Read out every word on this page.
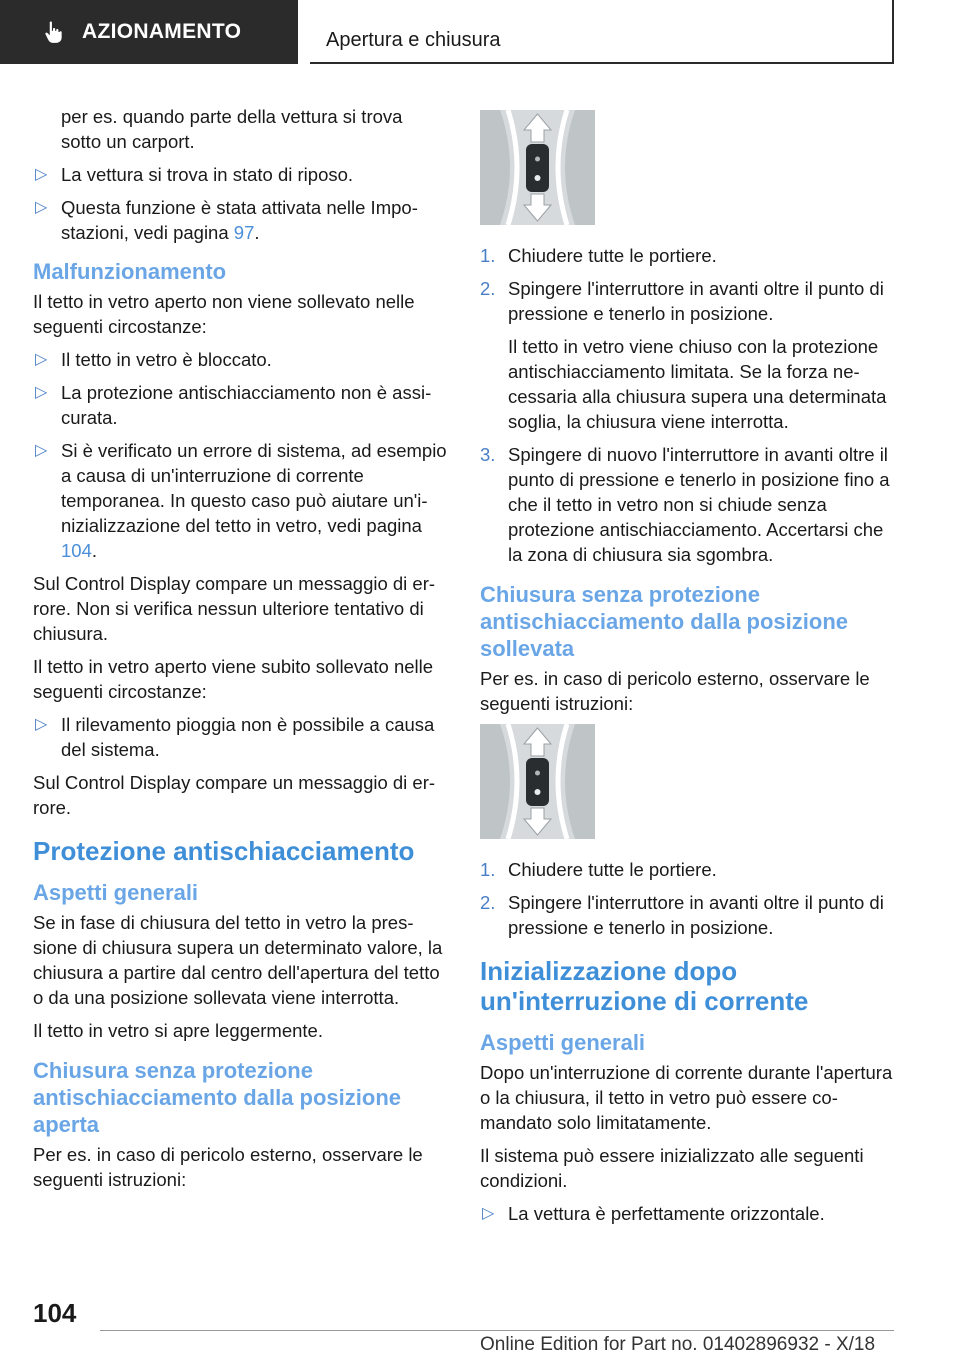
AZIONAMENTO	Apertura e chiusura

per es. quando parte della vettura si trova sotto un carport.

▷ La vettura si trova in stato di riposo.
▷ Questa funzione è stata attivata nelle Impostazioni, vedi pagina 97.
Malfunzionamento

Il tetto in vetro aperto non viene sollevato nelle seguenti circostanze:

▷ Il tetto in vetro è bloccato.
▷ La protezione antischiacciamento non è assicurata.
▷ Si è verificato un errore di sistema, ad esempio a causa di un'interruzione di corrente temporanea. In questo caso può aiutare un'inizializzazione del tetto in vetro, vedi pagina 104.

Sul Control Display compare un messaggio di errore. Non si verifica nessun ulteriore tentativo di chiusura.

Il tetto in vetro aperto viene subito sollevato nelle seguenti circostanze:

▷ Il rilevamento pioggia non è possibile a causa del sistema.

Sul Control Display compare un messaggio di errore.

Protezione antischiacciamento
Aspetti generali

Se in fase di chiusura del tetto in vetro la pressione di chiusura supera un determinato valore, la chiusura a partire dal centro dell'apertura del tetto o da una posizione sollevata viene interrotta.

Il tetto in vetro si apre leggermente.

Chiusura senza protezione antischiacciamento dalla posizione aperta

Per es. in caso di pericolo esterno, osservare le seguenti istruzioni:

1. Chiudere tutte le portiere.
2. Spingere l'interruttore in avanti oltre il punto di pressione e tenerlo in posizione.
Il tetto in vetro viene chiuso con la protezione antischiacciamento limitata. Se la forza necessaria alla chiusura supera una determinata soglia, la chiusura viene interrotta.
3. Spingere di nuovo l'interruttore in avanti oltre il punto di pressione e tenerlo in posizione fino a che il tetto in vetro non si chiude senza protezione antischiacciamento. Accertarsi che la zona di chiusura sia sgombra.
Chiusura senza protezione antischiacciamento dalla posizione sollevata

Per es. in caso di pericolo esterno, osservare le seguenti istruzioni:

1. Chiudere tutte le portiere.
2. Spingere l'interruttore in avanti oltre il punto di pressione e tenerlo in posizione.
Inizializzazione dopo un'interruzione di corrente
Aspetti generali

Dopo un'interruzione di corrente durante l'apertura o la chiusura, il tetto in vetro può essere comandato solo limitatamente.

Il sistema può essere inizializzato alle seguenti condizioni.

▷ La vettura è perfettamente orizzontale.
104
Online Edition for Part no. 01402896932 - X/18
